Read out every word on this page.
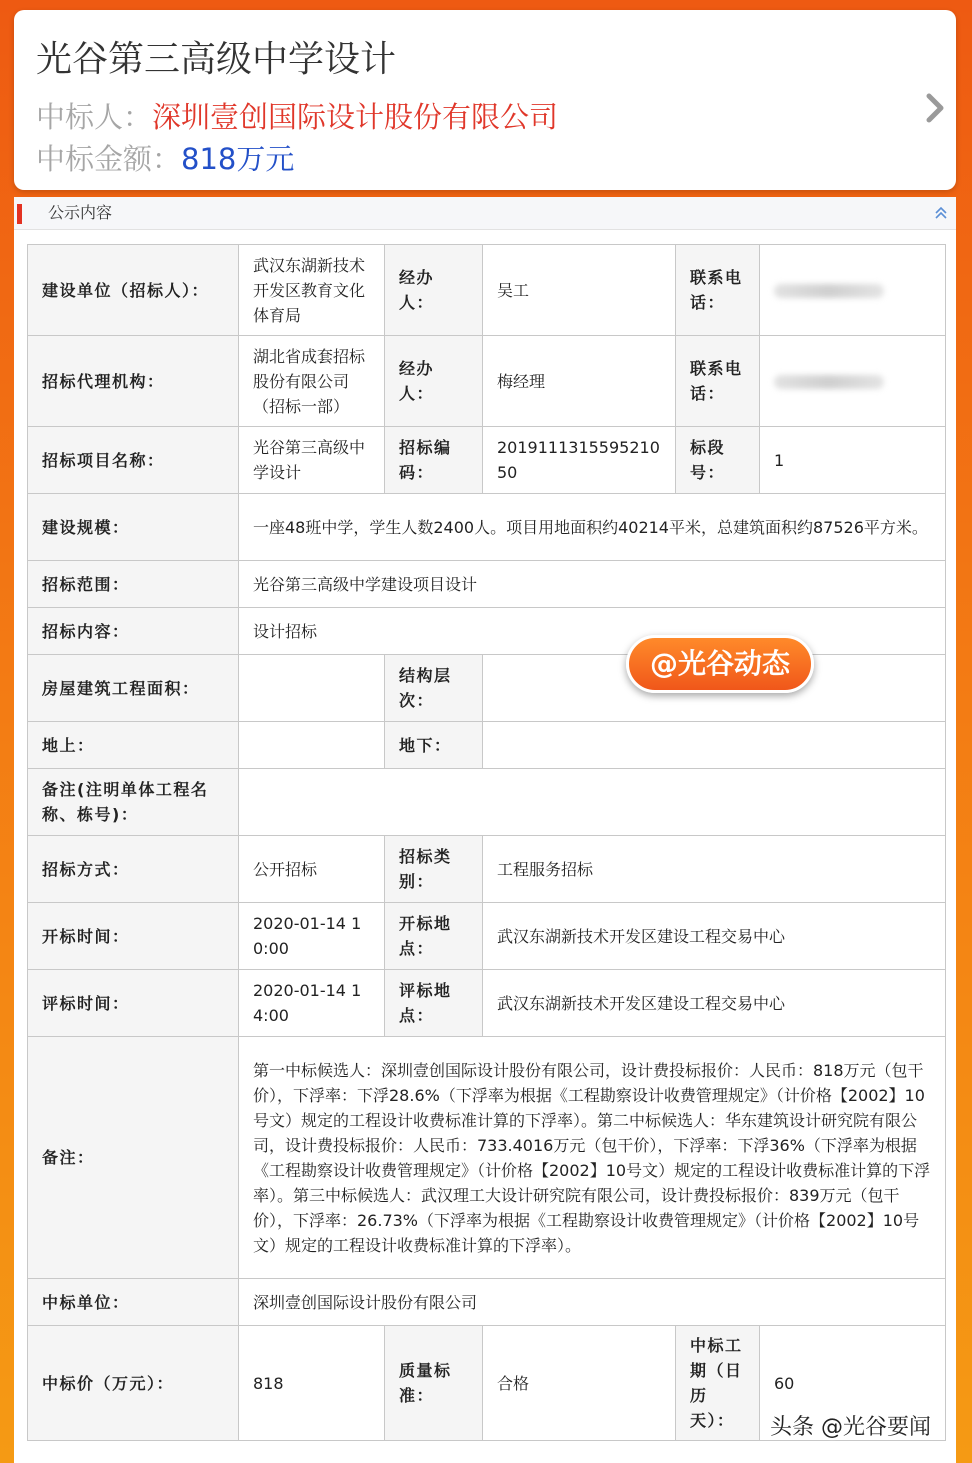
光谷第三高级中学设计
中标人：深圳壹创国际设计股份有限公司
中标金额：818万元
公示内容
建设单位（招标人）：	武汉东湖新技术开发区教育文化体育局	经办人：	吴工	联系电话：	
招标代理机构：	湖北省成套招标股份有限公司（招标一部）	经办人：	梅经理	联系电话：	
招标项目名称：	光谷第三高级中学设计	招标编码：	201911131559521050	标段号：	1
建设规模：	一座48班中学，学生人数2400人。项目用地面积约40214平米，总建筑面积约87526平方米。				
招标范围：	光谷第三高级中学建设项目设计				
招标内容：	设计招标				
房屋建筑工程面积：		结构层次：			
地上：		地下：			
备注(注明单体工程名称、栋号)：					
招标方式：	公开招标	招标类别：	工程服务招标		
开标时间：	2020-01-14 10:00	开标地点：	武汉东湖新技术开发区建设工程交易中心		
评标时间：	2020-01-14 14:00	评标地点：	武汉东湖新技术开发区建设工程交易中心		
备注：	第一中标候选人：深圳壹创国际设计股份有限公司，设计费投标报价：人民币：818万元（包干价），下浮率：下浮28.6%（下浮率为根据《工程勘察设计收费管理规定》（计价格【2002】10号文）规定的工程设计收费标准计算的下浮率）。第二中标候选人：华东建筑设计研究院有限公司，设计费投标报价：人民币：733.4016万元（包干价），下浮率：下浮36%（下浮率为根据《工程勘察设计收费管理规定》（计价格【2002】10号文）规定的工程设计收费标准计算的下浮率）。第三中标候选人：武汉理工大设计研究院有限公司，设计费投标报价：839万元（包干价），下浮率：26.73%（下浮率为根据《工程勘察设计收费管理规定》（计价格【2002】10号文）规定的工程设计收费标准计算的下浮率）。				
中标单位：	深圳壹创国际设计股份有限公司				
中标价（万元）：	818	质量标准：	合格	中标工期（日历天）：	60
@光谷动态
头条 @光谷要闻
